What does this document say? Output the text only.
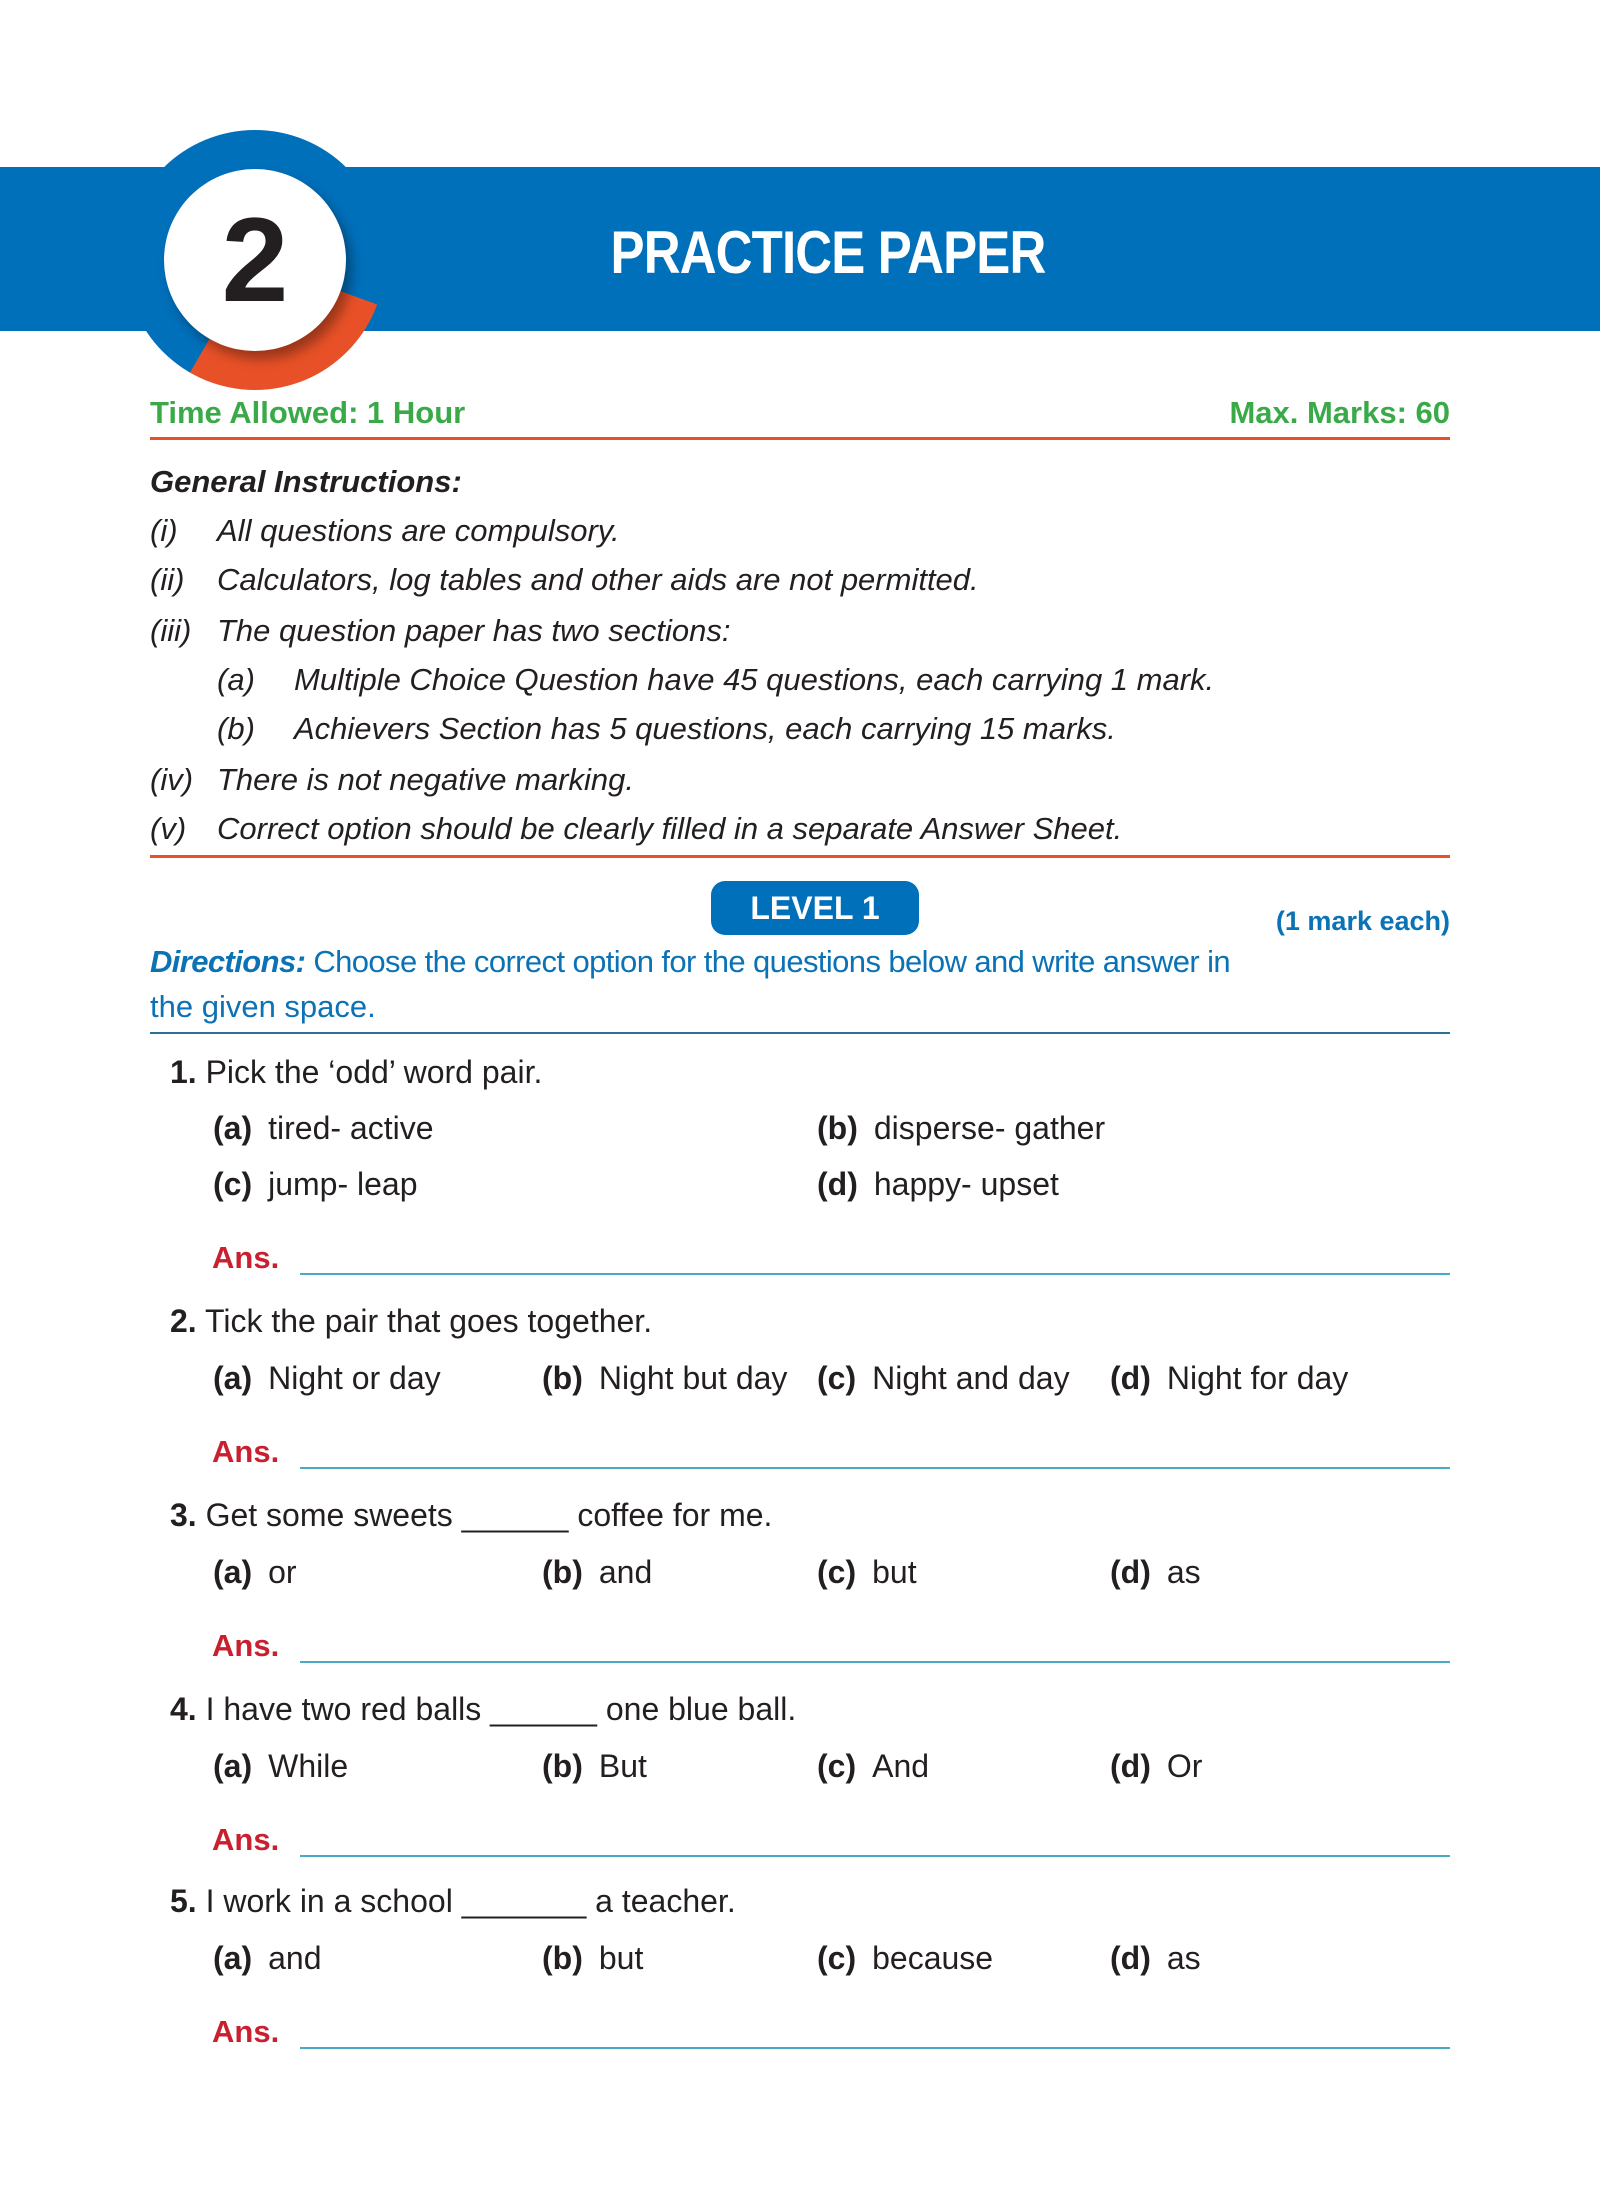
2	PRACTICE PAPER
Time Allowed: 1 Hour	Max. Marks: 60
General Instructions:
(i) All questions are compulsory.
(ii) Calculators, log tables and other aids are not permitted.
(iii) The question paper has two sections:
(a) Multiple Choice Question have 45 questions, each carrying 1 mark.
(b) Achievers Section has 5 questions, each carrying 15 marks.
(iv) There is not negative marking.
(v) Correct option should be clearly filled in a separate Answer Sheet.
LEVEL 1	(1 mark each)
Directions: Choose the correct option for the questions below and write answer in
the given space.
1. Pick the ‘odd’ word pair.
(a) tired- active	(b) disperse- gather
(c) jump- leap	(d) happy- upset
Ans.
2. Tick the pair that goes together.
(a) Night or day	(b) Night but day (c) Night and day (d) Night for day
Ans.
3. Get some sweets ______ coffee for me.
(a) or	(b) and	(c) but	(d) as
Ans.
4. I have two red balls ______ one blue ball.
(a) While	(b) But	(c) And	(d) Or
Ans.
5. I work in a school _______ a teacher.
(a) and	(b) but	(c) because	(d) as
Ans.
